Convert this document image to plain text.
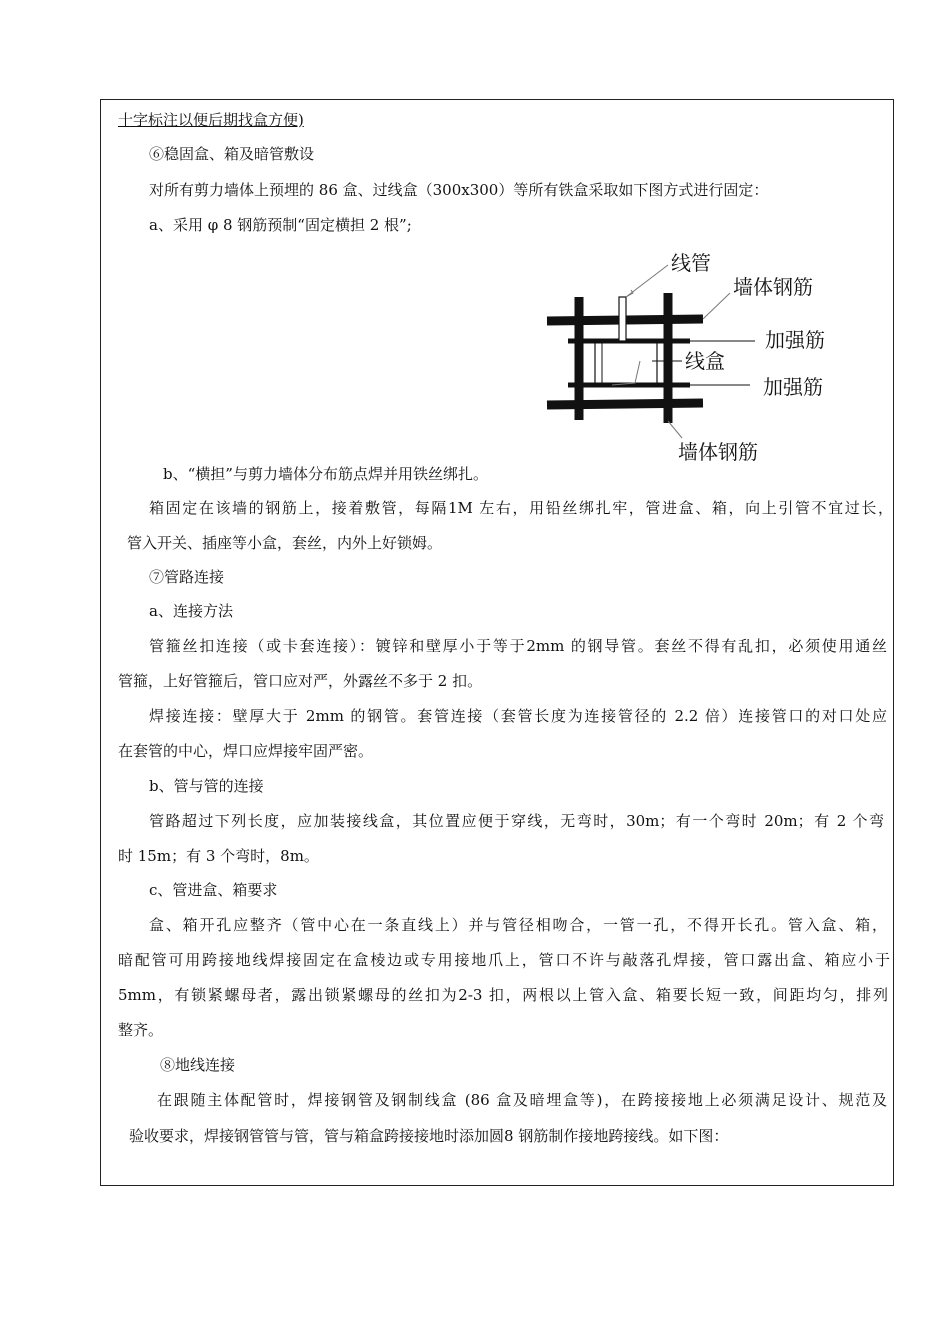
十字标注以便后期找盒方便)
⑥稳固盒、箱及暗管敷设
对所有剪力墙体上预埋的 86 盒、过线盒（300x300）等所有铁盒采取如下图方式进行固定：
a、采用 φ 8 钢筋预制“固定横担 2 根”;
线管
墙体钢筋
加强筋
线盒
加强筋
墙体钢筋
b、“横担”与剪力墙体分布筋点焊并用铁丝绑扎。
箱固定在该墙的钢筋上，接着敷管，每隔1M 左右，用铅丝绑扎牢，管进盒、箱，向上引管不宜过长，
管入开关、插座等小盒，套丝，内外上好锁姆。
⑦管路连接
a、连接方法
管箍丝扣连接（或卡套连接）：镀锌和壁厚小于等于2mm 的钢导管。套丝不得有乱扣，必须使用通丝
管箍，上好管箍后，管口应对严，外露丝不多于 2 扣。
焊接连接：壁厚大于 2mm 的钢管。套管连接（套管长度为连接管径的 2.2 倍）连接管口的对口处应
在套管的中心，焊口应焊接牢固严密。
b、管与管的连接
管路超过下列长度，应加装接线盒，其位置应便于穿线，无弯时，30m；有一个弯时 20m；有 2 个弯
时 15m；有 3 个弯时，8m。
c、管进盒、箱要求
盒、箱开孔应整齐（管中心在一条直线上）并与管径相吻合，一管一孔，不得开长孔。管入盒、箱，
暗配管可用跨接地线焊接固定在盒棱边或专用接地爪上，管口不许与敲落孔焊接，管口露出盒、箱应小于
5mm，有锁紧螺母者，露出锁紧螺母的丝扣为2-3 扣，两根以上管入盒、箱要长短一致，间距均匀，排列
整齐。
⑧地线连接
在跟随主体配管时，焊接钢管及钢制线盒 (86 盒及暗埋盒等)，在跨接接地上必须满足设计、规范及
验收要求，焊接钢管管与管，管与箱盒跨接接地时添加圆8 钢筋制作接地跨接线。如下图：
